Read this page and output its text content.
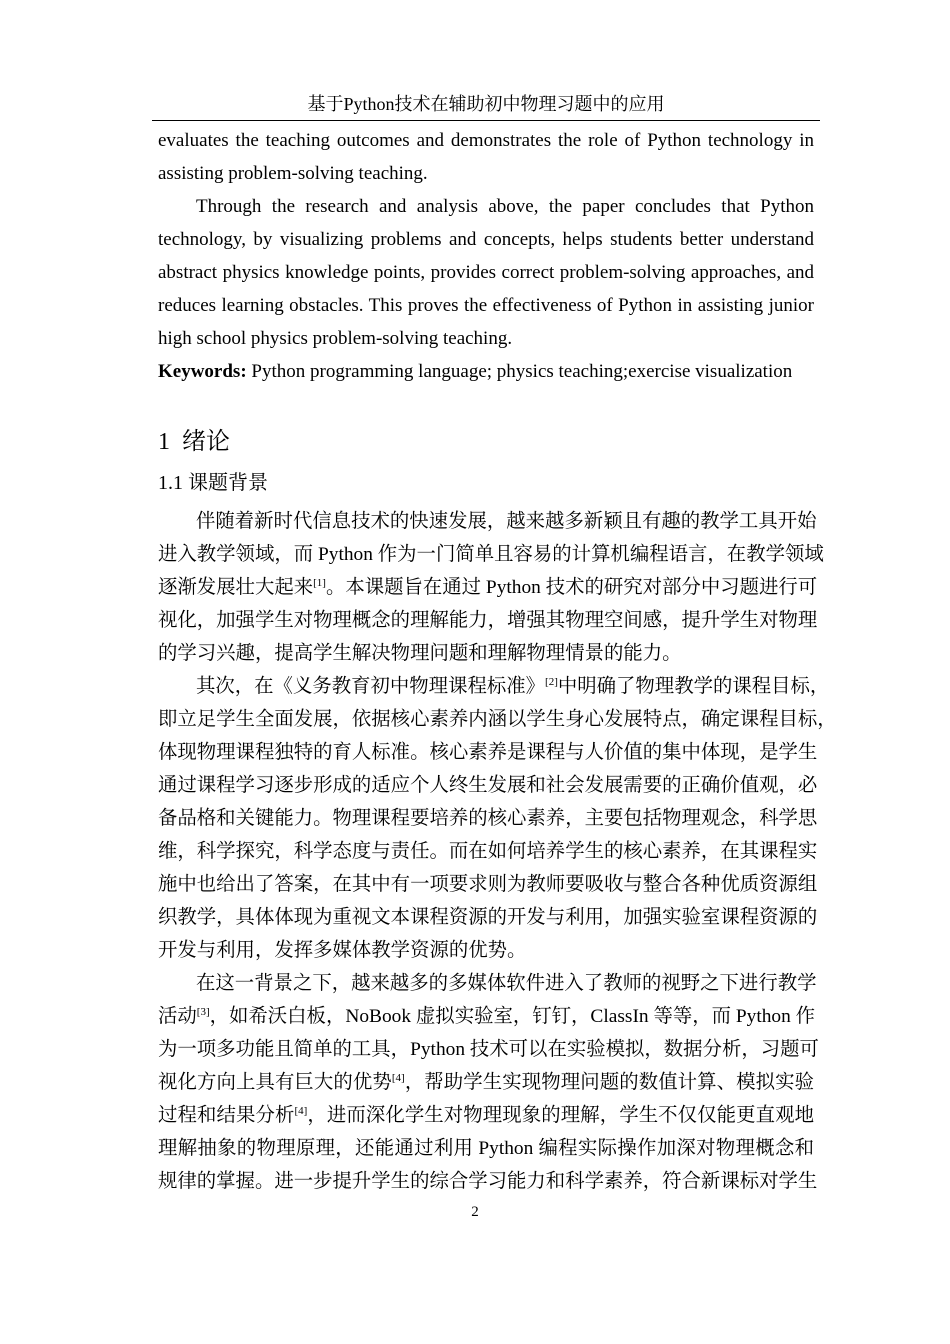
基于Python技术在辅助初中物理习题中的应用
evaluates the teaching outcomes and demonstrates the role of Python technology in
assisting problem-solving teaching.
Through the research and analysis above, the paper concludes that Python
technology, by visualizing problems and concepts, helps students better understand
abstract physics knowledge points, provides correct problem-solving approaches, and
reduces learning obstacles. This proves the effectiveness of Python in assisting junior
high school physics problem-solving teaching.
Keywords: Python programming language; physics teaching;exercise visualization
1 绪论
1.1 课题背景
伴随着新时代信息技术的快速发展，越来越多新颖且有趣的教学工具开始
进入教学领域，而 Python 作为一门简单且容易的计算机编程语言，在教学领域
逐渐发展壮大起来[1]。本课题旨在通过 Python 技术的研究对部分中习题进行可
视化，加强学生对物理概念的理解能力，增强其物理空间感，提升学生对物理
的学习兴趣，提高学生解决物理问题和理解物理情景的能力。
其次，在《义务教育初中物理课程标准》[2]中明确了物理教学的课程目标，
即立足学生全面发展，依据核心素养内涵以学生身心发展特点，确定课程目标，
体现物理课程独特的育人标准。核心素养是课程与人价值的集中体现，是学生
通过课程学习逐步形成的适应个人终生发展和社会发展需要的正确价值观，必
备品格和关键能力。物理课程要培养的核心素养，主要包括物理观念，科学思
维，科学探究，科学态度与责任。而在如何培养学生的核心素养，在其课程实
施中也给出了答案，在其中有一项要求则为教师要吸收与整合各种优质资源组
织教学，具体体现为重视文本课程资源的开发与利用，加强实验室课程资源的
开发与利用，发挥多媒体教学资源的优势。
在这一背景之下，越来越多的多媒体软件进入了教师的视野之下进行教学
活动[3]，如希沃白板，NoBook 虚拟实验室，钉钉，ClassIn 等等，而 Python 作
为一项多功能且简单的工具，Python 技术可以在实验模拟，数据分析，习题可
视化方向上具有巨大的优势[4]，帮助学生实现物理问题的数值计算、模拟实验
过程和结果分析[4]，进而深化学生对物理现象的理解，学生不仅仅能更直观地
理解抽象的物理原理，还能通过利用 Python 编程实际操作加深对物理概念和
规律的掌握。进一步提升学生的综合学习能力和科学素养，符合新课标对学生
2
